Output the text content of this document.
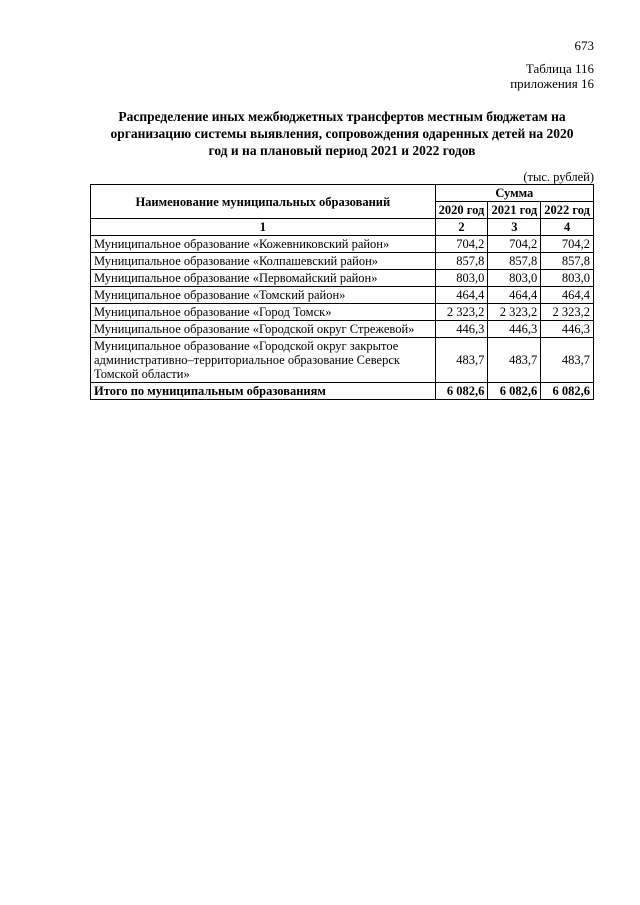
673
Таблица 116
приложения 16
Распределение иных межбюджетных трансфертов местным бюджетам на
организацию системы выявления, сопровождения одаренных детей на 2020
год и на плановый период 2021 и 2022 годов
(тыс. рублей)
Наименование муниципальных образований	Сумма		
	2020 год	2021 год	2022 год
1	2	3	4
Муниципальное образование «Кожевниковский район»	704,2	704,2	704,2
Муниципальное образование «Колпашевский район»	857,8	857,8	857,8
Муниципальное образование «Первомайский район»	803,0	803,0	803,0
Муниципальное образование «Томский район»	464,4	464,4	464,4
Муниципальное образование «Город Томск»	2 323,2	2 323,2	2 323,2
Муниципальное образование «Городской округ Стрежевой»	446,3	446,3	446,3
Муниципальное образование «Городской округ закрытое административно–территориальное образование Северск Томской области»	483,7	483,7	483,7
Итого по муниципальным образованиям	6 082,6	6 082,6	6 082,6
